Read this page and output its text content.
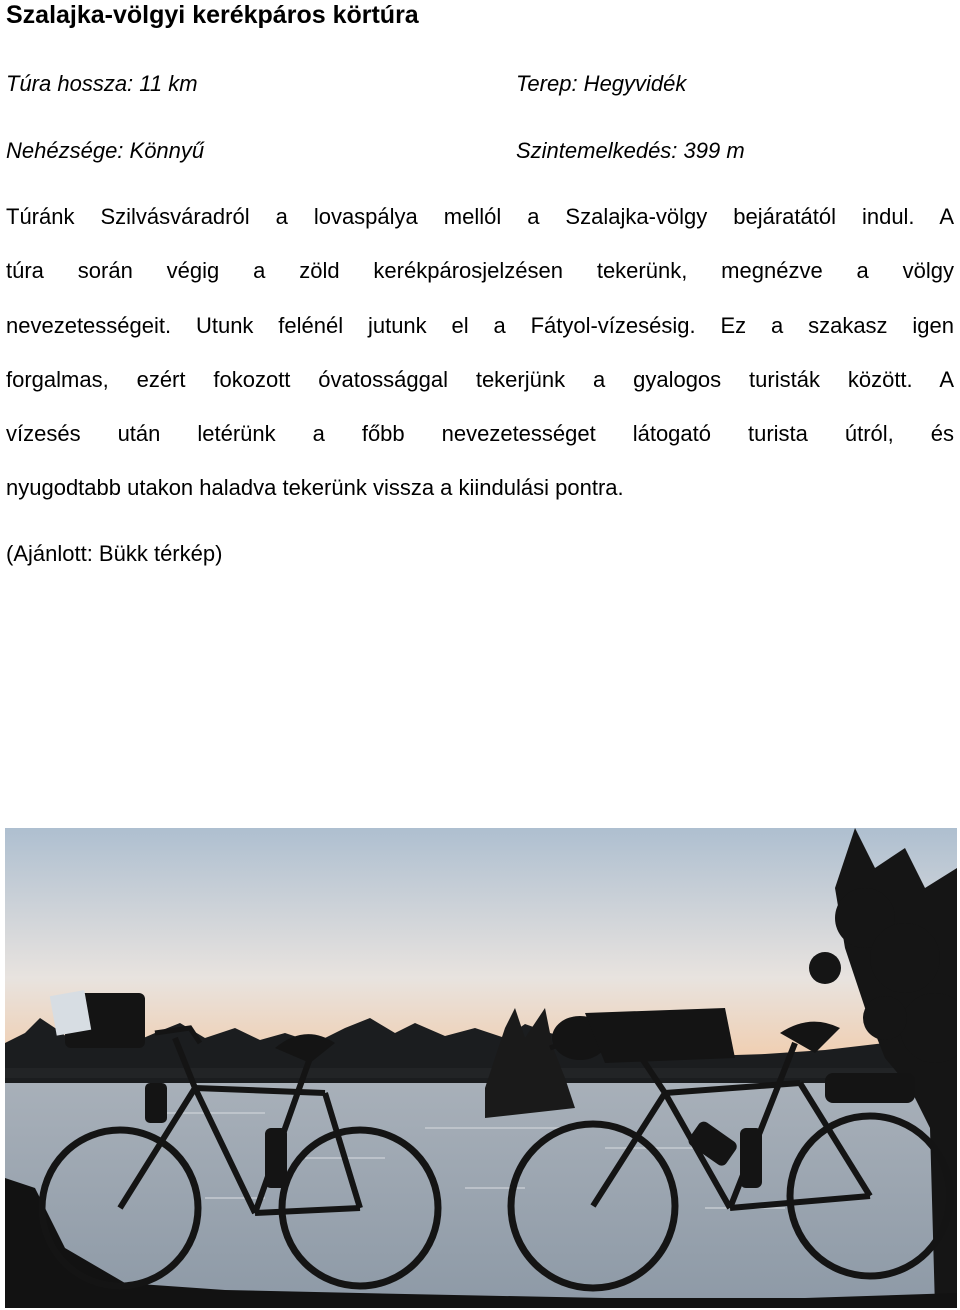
Szalajka-völgyi kerékpáros körtúra

Túra hossza: 11 km	Terep: Hegyvidék

Nehézsége: Könnyű	Szintemelkedés: 399 m

Túránk Szilvásváradról a lovaspálya mellól a Szalajka-völgy bejáratától indul. A

túra során végig a zöld kerékpárosjelzésen tekerünk, megnézve a völgy

nevezetességeit. Utunk felénél jutunk el a Fátyol-vízesésig. Ez a szakasz igen

forgalmas, ezért fokozott óvatossággal tekerjünk a gyalogos turisták között. A

vízesés után letérünk a főbb nevezetességet látogató turista útról, és

nyugodtabb utakon haladva tekerünk vissza a kiindulási pontra.

(Ajánlott: Bükk térkép)
